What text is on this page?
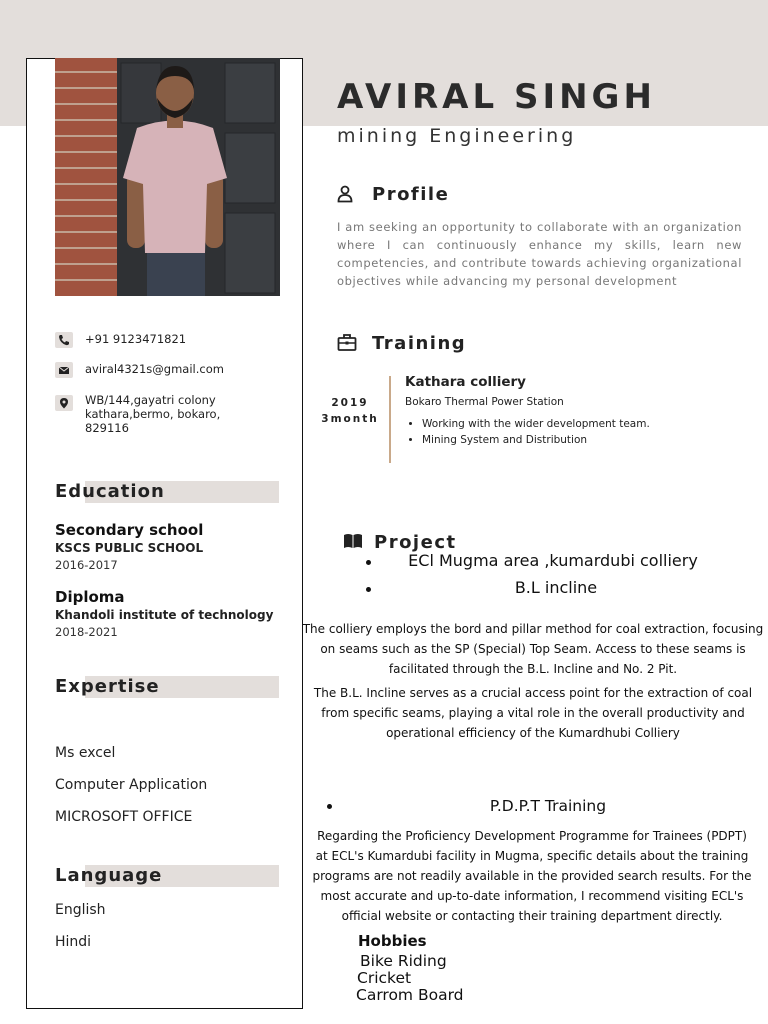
AVIRAL SINGH
mining Engineering
Profile
I am seeking an opportunity to collaborate with an organization where I can continuously enhance my skills, learn new competencies, and contribute towards achieving organizational objectives while advancing my personal development
+91 9123471821
aviral4321s@gmail.com
WB/144,gayatri colony
kathara,bermo, bokaro,
829116
Education
Secondary school
KSCS PUBLIC SCHOOL
2016-2017
Diploma
Khandoli institute of technology
2018-2021
Expertise
Ms excel
Computer Application
MICROSOFT OFFICE
Language
English
Hindi
Training
2019
3month
Kathara colliery
Bokaro Thermal Power Station
• Working with the wider development team.
• Mining System and Distribution
Project
ECl Mugma area ,kumardubi colliery
B.L incline
The colliery employs the bord and pillar method for coal extraction, focusing on seams such as the SP (Special) Top Seam. Access to these seams is facilitated through the B.L. Incline and No. 2 Pit.
The B.L. Incline serves as a crucial access point for the extraction of coal from specific seams, playing a vital role in the overall productivity and operational efficiency of the Kumardhubi Colliery
P.D.P.T Training
Regarding the Proficiency Development Programme for Trainees (PDPT) at ECL's Kumardubi facility in Mugma, specific details about the training programs are not readily available in the provided search results. For the most accurate and up-to-date information, I recommend visiting ECL's official website or contacting their training department directly.
Hobbies
Bike Riding
Cricket
Carrom Board
